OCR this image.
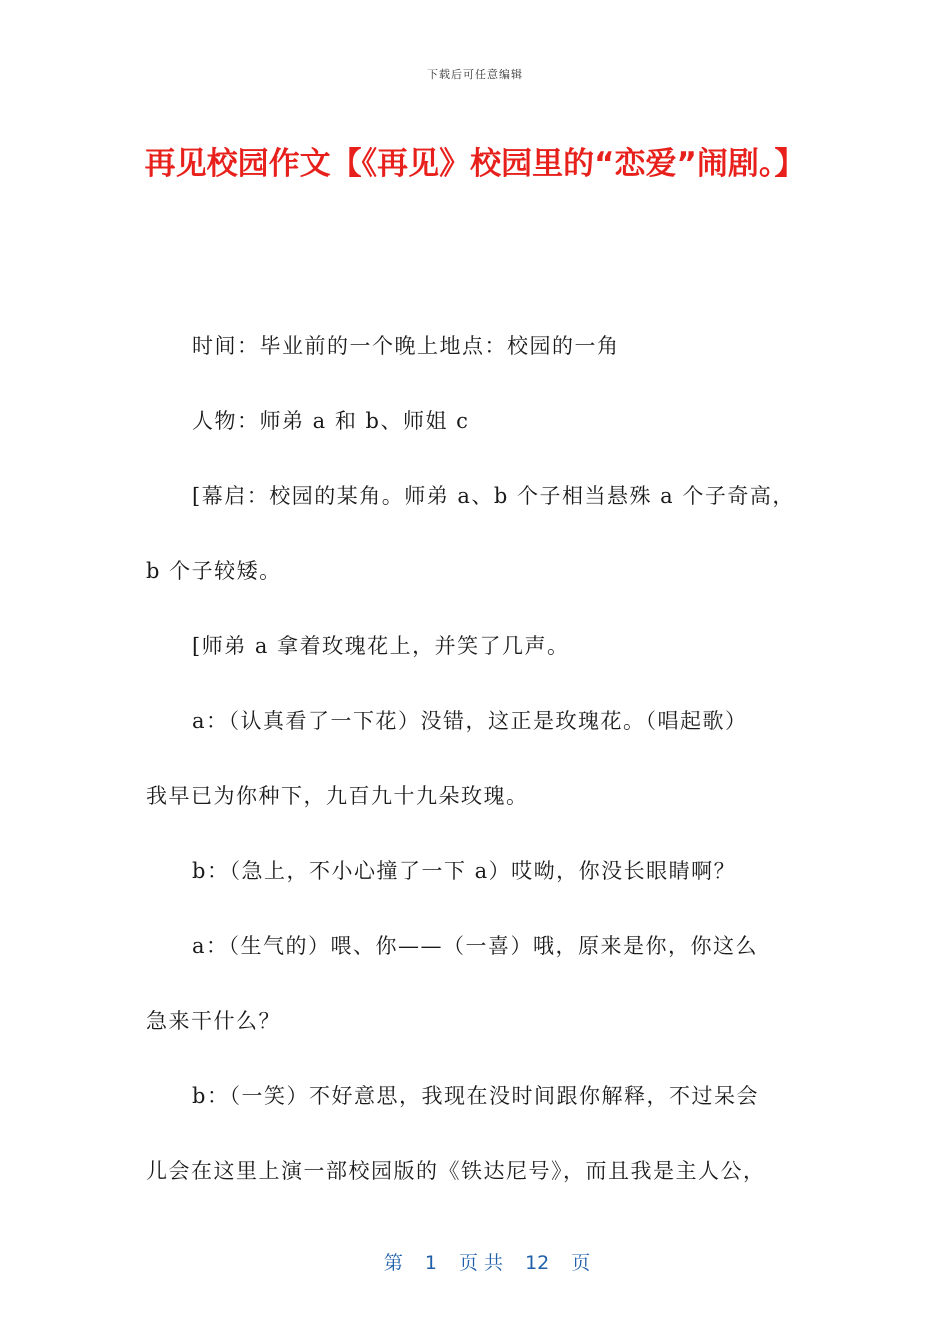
下载后可任意编辑
再见校园作文【《再见》校园里的“恋爱”闹剧。】

时间：毕业前的一个晚上地点：校园的一角

人物：师弟 a 和 b、师姐 c

[幕启：校园的某角。师弟 a、b 个子相当悬殊 a 个子奇高，

b 个子较矮。

[师弟 a 拿着玫瑰花上，并笑了几声。

a：（认真看了一下花）没错，这正是玫瑰花。（唱起歌）

我早已为你种下，九百九十九朵玫瑰。

b：（急上，不小心撞了一下 a）哎呦，你没长眼睛啊？

a：（生气的）喂、你——（一喜）哦，原来是你，你这么

急来干什么？

b：（一笑）不好意思，我现在没时间跟你解释，不过呆会

儿会在这里上演一部校园版的《铁达尼号》，而且我是主人公，

第 1 页 共 12 页
